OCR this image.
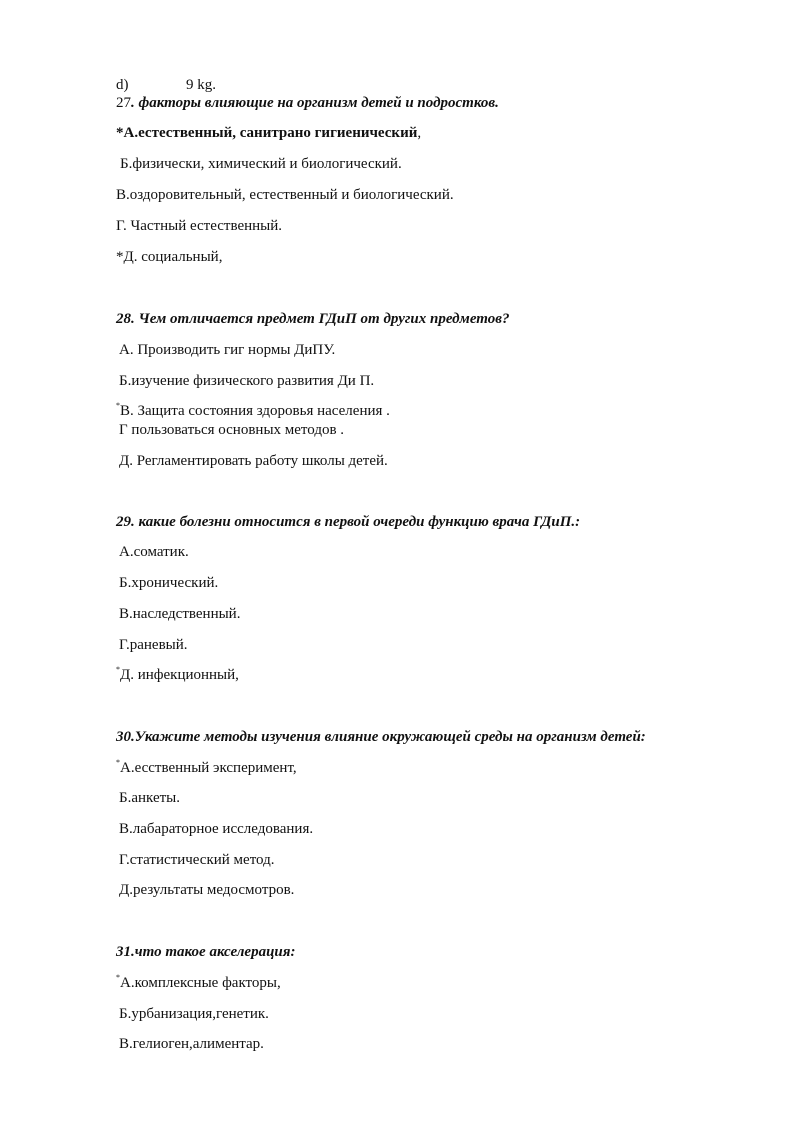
d)	9 kg.
27. факторы влияющие на организм детей и подростков.
*А.естественный, санитрано гигиенический,
Б.физически, химический и биологический.
В.оздоровительный, естественный и биологический.
Г. Частный естественный.
*Д. социальный,
28. Чем отличается предмет ГДиП от других предметов?
А. Производить гиг нормы ДиПУ.
Б.изучение физического развития Ди П.
*В. Защита состояния здоровья населения .
Г пользоваться основных методов .
Д. Регламентировать работу школы детей.
29. какие болезни относится в первой очереди функцию врача ГДиП.:
А.соматик.
Б.хронический.
В.наследственный.
Г.раневый.
*Д. инфекционный,
30.Укажите методы изучения влияние окружающей среды на организм детей:
*А.есственный эксперимент,
Б.анкеты.
В.лабараторное исследования.
Г.статистический метод.
Д.результаты медосмотров.
31.что такое акселерация:
*А.комплексные факторы,
Б.урбанизация,генетик.
В.гелиоген,алиментар.
